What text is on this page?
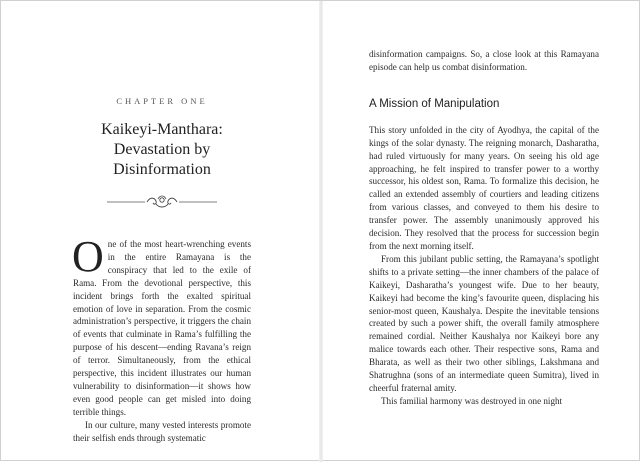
CHAPTER ONE
Kaikeyi-Manthara:
Devastation by Disinformation

One of the most heart-wrenching events in the entire Ramayana is the conspiracy that led to the exile of Rama. From the devotional perspective, this incident brings forth the exalted spiritual emotion of love in separation. From the cosmic administration’s perspective, it triggers the chain of events that culminate in Rama’s fulfilling the purpose of his descent—ending Ravana’s reign of terror. Simultaneously, from the ethical perspective, this incident illustrates our human vulnerability to disinformation—it shows how even good people can get misled into doing terrible things.

In our culture, many vested interests promote their selfish ends through systematic

disinformation campaigns. So, a close look at this Ramayana episode can help us combat disinformation.

A Mission of Manipulation

This story unfolded in the city of Ayodhya, the capital of the kings of the solar dynasty. The reigning monarch, Dasharatha, had ruled virtuously for many years. On seeing his old age approaching, he felt inspired to transfer power to a worthy successor, his oldest son, Rama. To formalize this decision, he called an extended assembly of courtiers and leading citizens from various classes, and conveyed to them his desire to transfer power. The assembly unanimously approved his decision. They resolved that the process for succession begin from the next morning itself.

From this jubilant public setting, the Ramayana’s spotlight shifts to a private setting—the inner chambers of the palace of Kaikeyi, Dasharatha’s youngest wife. Due to her beauty, Kaikeyi had become the king’s favourite queen, displacing his senior-most queen, Kaushalya. Despite the inevitable tensions created by such a power shift, the overall family atmosphere remained cordial. Neither Kaushalya nor Kaikeyi bore any malice towards each other. Their respective sons, Rama and Bharata, as well as their two other siblings, Lakshmana and Shatrughna (sons of an intermediate queen Sumitra), lived in cheerful fraternal amity.

This familial harmony was destroyed in one night
